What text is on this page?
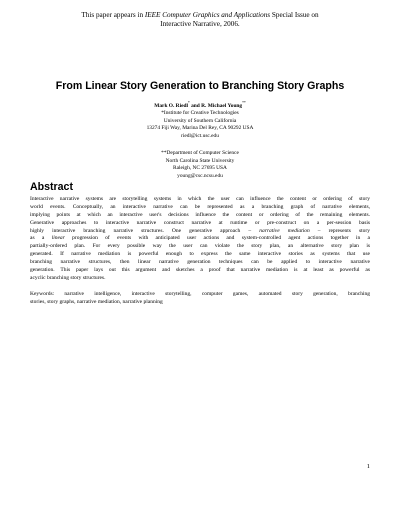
This paper appears in IEEE Computer Graphics and Applications Special Issue on
Interactive Narrative, 2006.
From Linear Story Generation to Branching Story Graphs
Mark O. Riedl* and R. Michael Young**
*Institute for Creative Technologies
University of Southern California
13274 Fiji Way, Marina Del Rey, CA 90292 USA
riedl@ict.usc.edu
**Department of Computer Science
North Carolina State University
Raleigh, NC 27695 USA
young@csc.ncsu.edu
Abstract
Interactive narrative systems are storytelling systems in which the user can influence the content or ordering of story
world events. Conceptually, an interactive narrative can be represented as a branching graph of narrative elements,
implying points at which an interactive user's decisions influence the content or ordering of the remaining elements.
Generative approaches to interactive narrative construct narrative at runtime or pre-construct on a per-session basis
highly interactive branching narrative structures. One generative approach – narrative mediation – represents story
as a linear progression of events with anticipated user actions and system-controlled agent actions together in a
partially-ordered plan. For every possible way the user can violate the story plan, an alternative story plan is
generated. If narrative mediation is powerful enough to express the same interactive stories as systems that use
branching narrative structures, then linear narrative generation techniques can be applied to interactive narrative
generation. This paper lays out this argument and sketches a proof that narrative mediation is at least as powerful as
acyclic branching story structures.
Keywords: narrative intelligence, interactive storytelling, computer games, automated story generation, branching
stories, story graphs, narrative mediation, narrative planning
1
